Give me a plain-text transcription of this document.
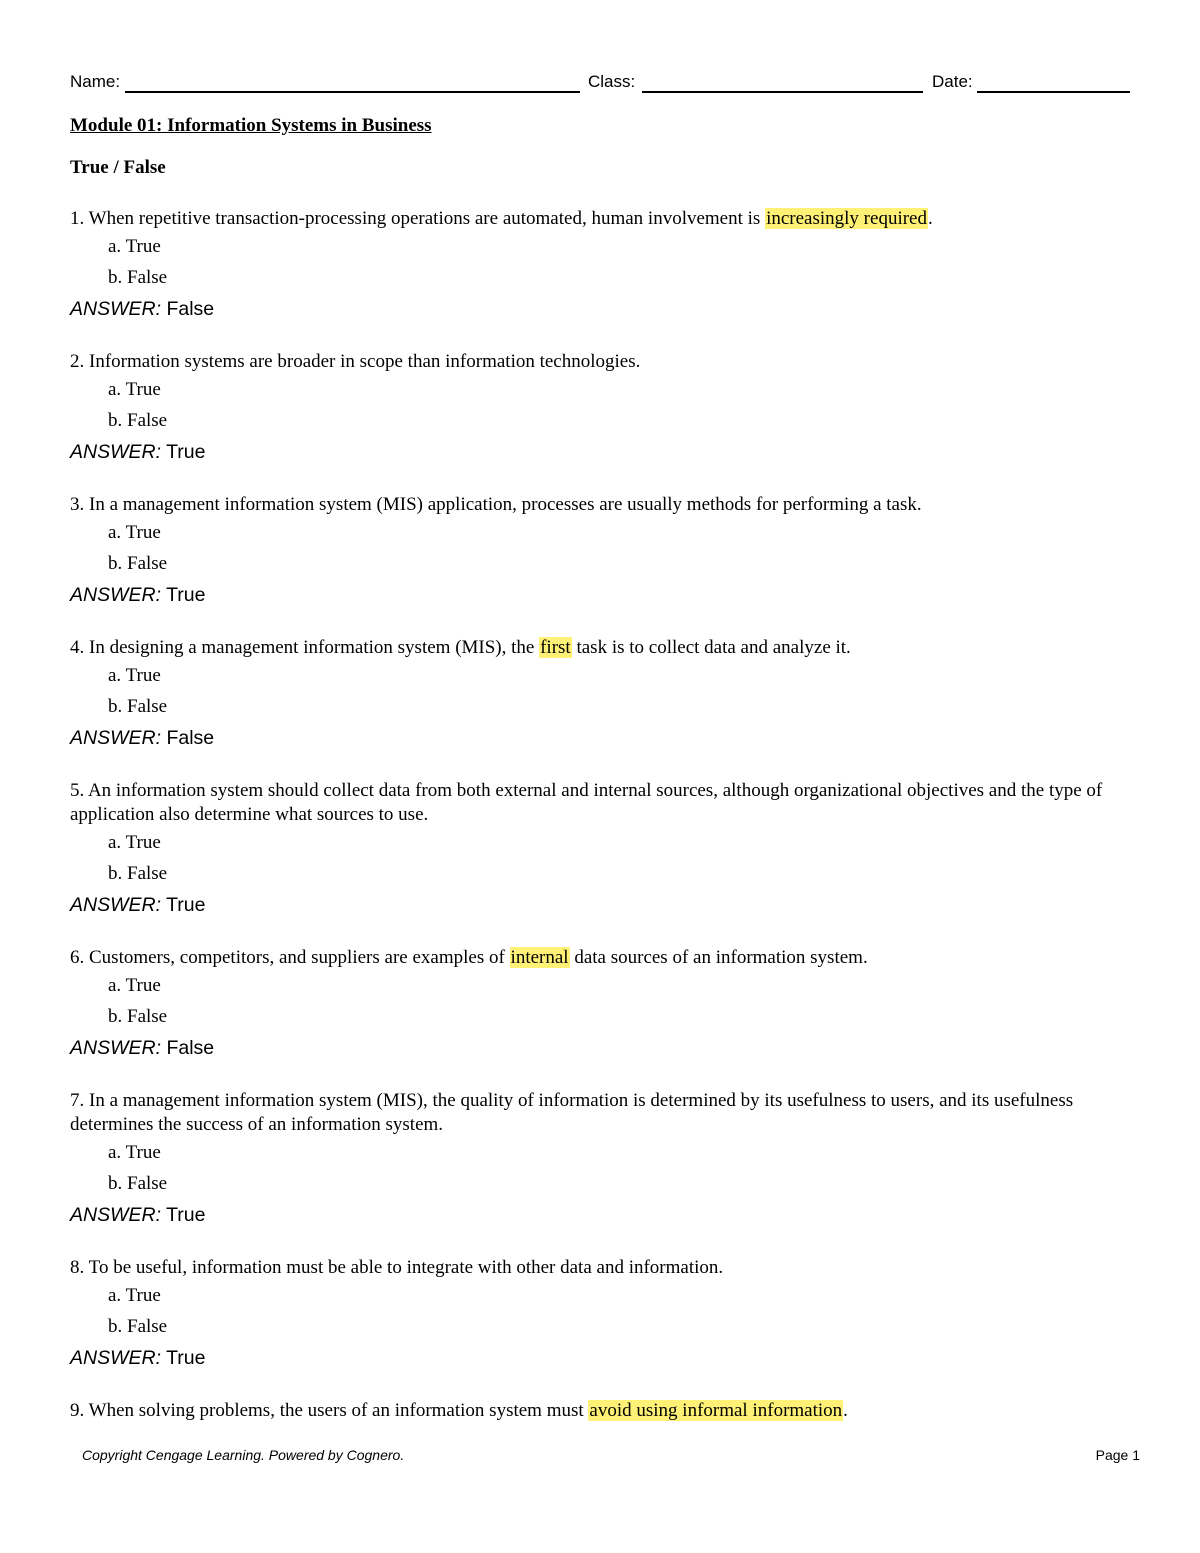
Name:	Class:	Date:
Module 01: Information Systems in Business
True / False
1. When repetitive transaction-processing operations are automated, human involvement is increasingly required.
a. True
b. False
ANSWER: False
2. Information systems are broader in scope than information technologies.
a. True
b. False
ANSWER: True
3. In a management information system (MIS) application, processes are usually methods for performing a task.
a. True
b. False
ANSWER: True
4. In designing a management information system (MIS), the first task is to collect data and analyze it.
a. True
b. False
ANSWER: False
5. An information system should collect data from both external and internal sources, although organizational objectives and the type of application also determine what sources to use.
a. True
b. False
ANSWER: True
6. Customers, competitors, and suppliers are examples of internal data sources of an information system.
a. True
b. False
ANSWER: False
7. In a management information system (MIS), the quality of information is determined by its usefulness to users, and its usefulness determines the success of an information system.
a. True
b. False
ANSWER: True
8. To be useful, information must be able to integrate with other data and information.
a. True
b. False
ANSWER: True
9. When solving problems, the users of an information system must avoid using informal information.
Copyright Cengage Learning. Powered by Cognero.	Page 1
